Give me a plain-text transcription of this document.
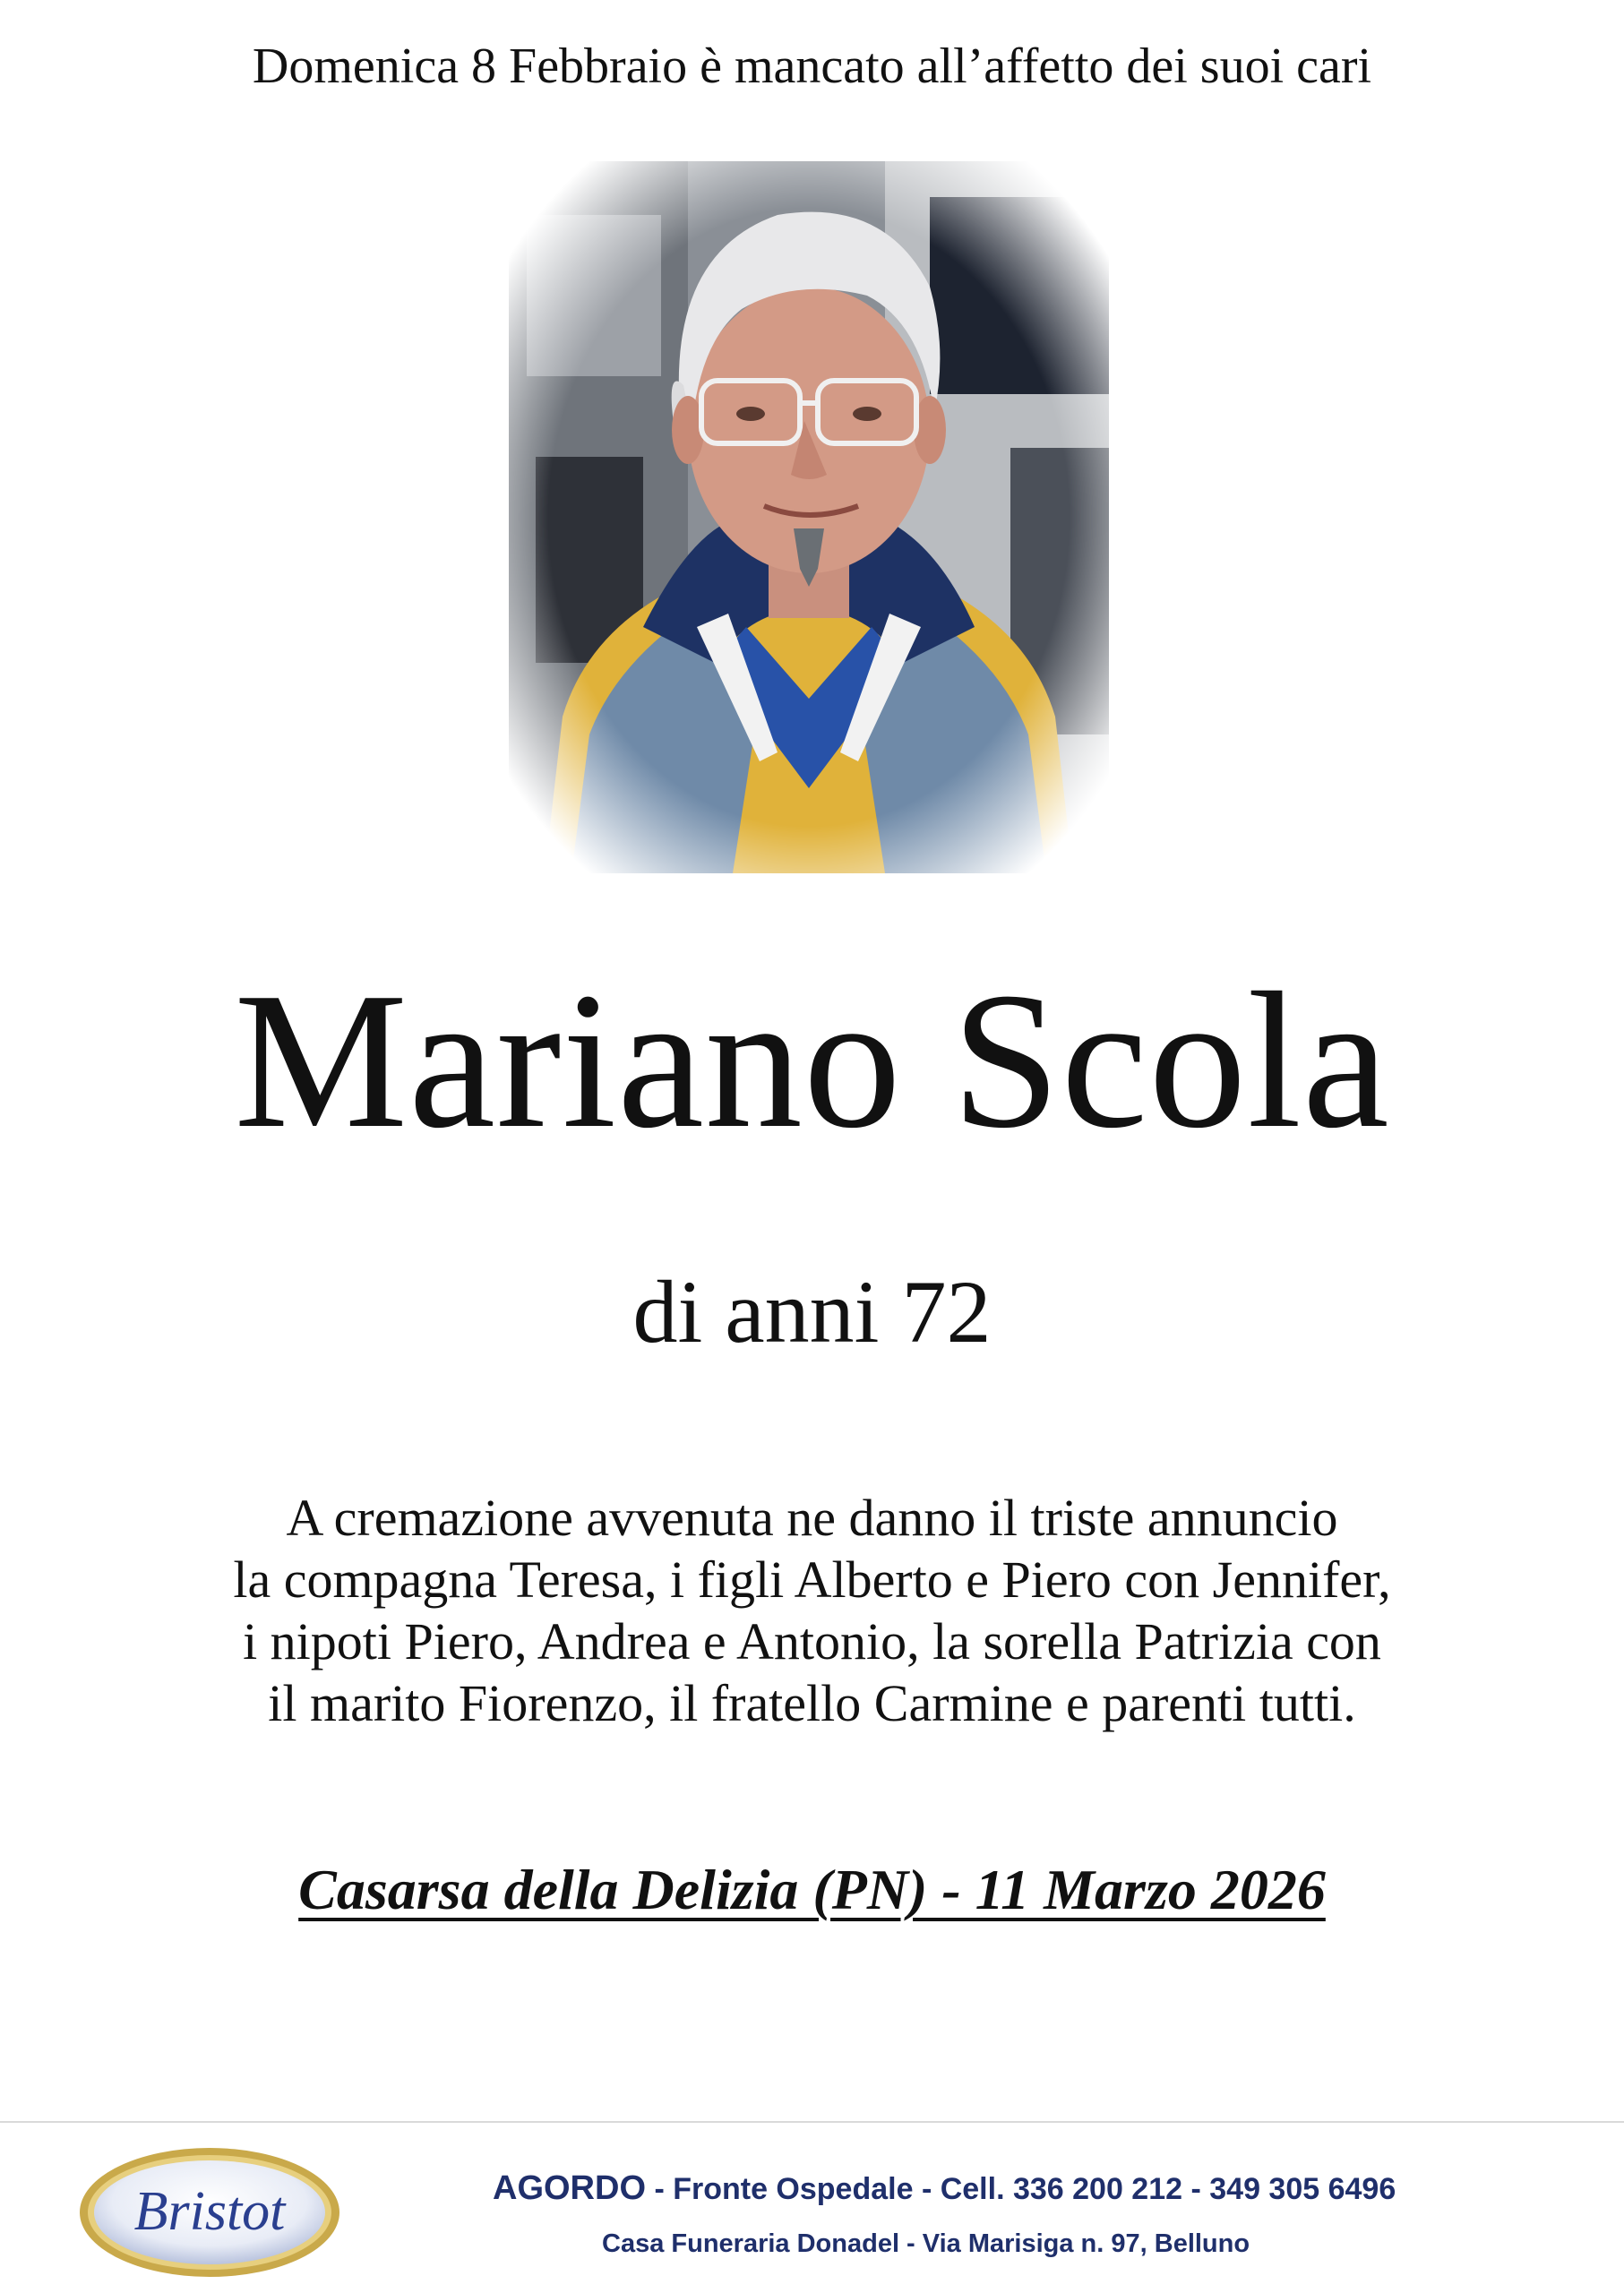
Domenica 8 Febbraio è mancato all’affetto dei suoi cari
Mariano Scola
di anni 72
A cremazione avvenuta ne danno il triste annuncio
la compagna Teresa, i figli Alberto e Piero con Jennifer,
i nipoti Piero, Andrea e Antonio, la sorella Patrizia con
il marito Fiorenzo, il fratello Carmine e parenti tutti.
Casarsa della Delizia (PN) - 11 Marzo 2026
Bristot	AGORDO - Fronte Ospedale - Cell. 336 200 212 - 349 305 6496
Casa Funeraria Donadel - Via Marisiga n. 97, Belluno
